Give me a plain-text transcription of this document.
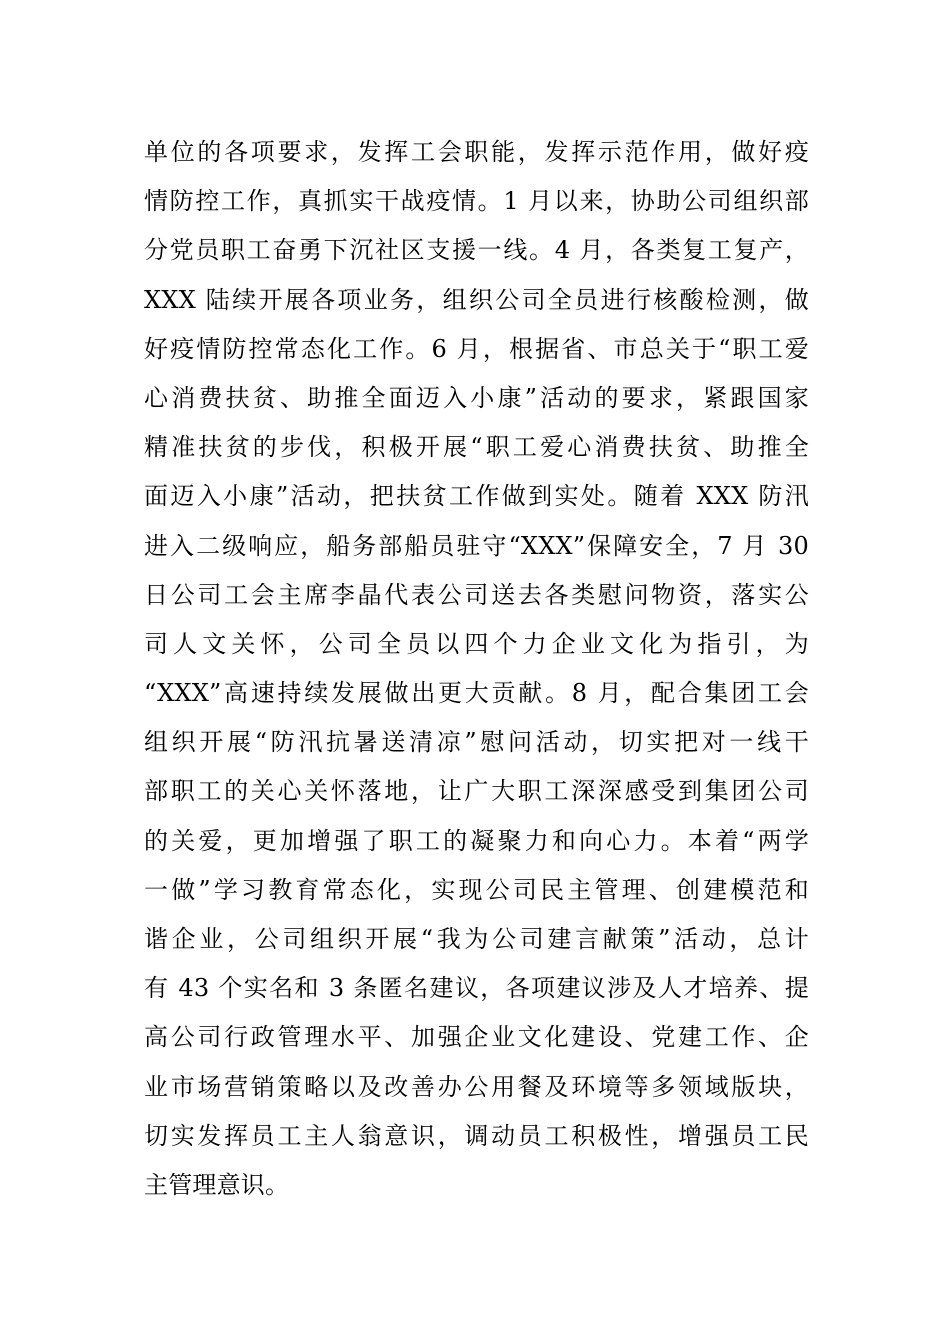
单位的各项要求，发挥工会职能，发挥示范作用，做好疫
情防控工作，真抓实干战疫情。1 月以来，协助公司组织部
分党员职工奋勇下沉社区支援一线。4 月，各类复工复产，
XXX 陆续开展各项业务，组织公司全员进行核酸检测，做
好疫情防控常态化工作。6 月，根据省、市总关于“职工爱
心消费扶贫、助推全面迈入小康”活动的要求，紧跟国家
精准扶贫的步伐，积极开展“职工爱心消费扶贫、助推全
面迈入小康”活动，把扶贫工作做到实处。随着 XXX 防汛
进入二级响应，船务部船员驻守“XXX”保障安全，7 月 30
日公司工会主席李晶代表公司送去各类慰问物资，落实公
司人文关怀，公司全员以四个力企业文化为指引，为
“XXX”高速持续发展做出更大贡献。8 月，配合集团工会
组织开展“防汛抗暑送清凉”慰问活动，切实把对一线干
部职工的关心关怀落地，让广大职工深深感受到集团公司
的关爱，更加增强了职工的凝聚力和向心力。本着“两学
一做”学习教育常态化，实现公司民主管理、创建模范和
谐企业，公司组织开展“我为公司建言献策”活动，总计
有 43 个实名和 3 条匿名建议，各项建议涉及人才培养、提
高公司行政管理水平、加强企业文化建设、党建工作、企
业市场营销策略以及改善办公用餐及环境等多领域版块，
切实发挥员工主人翁意识，调动员工积极性，增强员工民
主管理意识。
